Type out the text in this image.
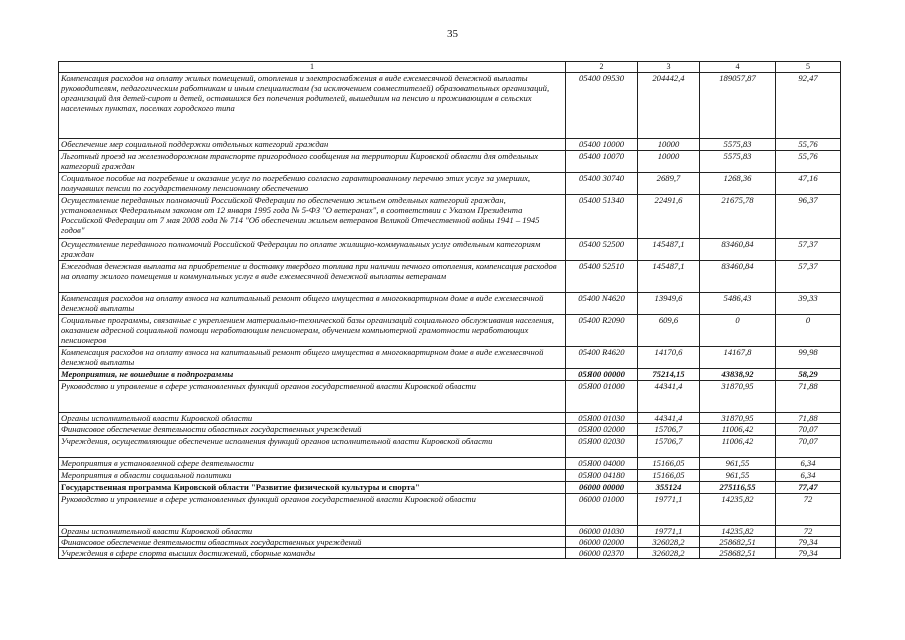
35
1	2	3	4	5
Компенсация расходов на оплату жилых помещений, отопления и электроснабжения в виде ежемесячной денежной выплаты руководителям, педагогическим работникам и иным специалистам (за исключением совместителей) образовательных организаций, организаций для детей-сирот и детей, оставшихся без попечения родителей, вышедшим на пенсию и проживающим в сельских населенных пунктах, поселках городского типа	05400 09530	204442,4	189057,87	92,47
Обеспечение мер социальной поддержки отдельных категорий граждан	05400 10000	10000	5575,83	55,76
Льготный проезд на железнодорожном транспорте пригородного сообщения на территории Кировской области для отдельных категорий граждан	05400 10070	10000	5575,83	55,76
Социальное пособие на погребение и оказание услуг по погребению согласно гарантированному перечню этих услуг за умерших, получавших пенсии по государственному пенсионному обеспечению	05400 30740	2689,7	1268,36	47,16
Осуществление переданных полномочий Российской Федерации по обеспечению жильем отдельных категорий граждан, установленных Федеральным законом от 12 января 1995 года № 5-ФЗ "О ветеранах", в соответствии с Указом Президента Российской Федерации от 7 мая 2008 года № 714 "Об обеспечении жильем ветеранов Великой Отечественной войны 1941 – 1945 годов"	05400 51340	22491,6	21675,78	96,37
Осуществление переданного полномочий Российской Федерации по оплате жилищно-коммунальных услуг отдельным категориям граждан	05400 52500	145487,1	83460,84	57,37
Ежегодная денежная выплата на приобретение и доставку твердого топлива при наличии печного отопления, компенсация расходов на оплату жилого помещения и коммунальных услуг в виде ежемесячной денежной выплаты ветеранам	05400 52510	145487,1	83460,84	57,37
Компенсация расходов на оплату взноса на капитальный ремонт общего имущества в многоквартирном доме в виде ежемесячной денежной выплаты	05400 N4620	13949,6	5486,43	39,33
Социальные программы, связанные с укреплением материально-технической базы организаций социального обслуживания населения, оказанием адресной социальной помощи неработающим пенсионерам, обучением компьютерной грамотности неработающих пенсионеров	05400 R2090	609,6	0	0
Компенсация расходов на оплату взноса на капитальный ремонт общего имущества в многоквартирном доме в виде ежемесячной денежной выплаты	05400 R4620	14170,6	14167,8	99,98
Мероприятия, не вошедшие в подпрограммы	05Я00 00000	75214,15	43838,92	58,29
Руководство и управление в сфере установленных функций органов государственной власти Кировской области	05Я00 01000	44341,4	31870,95	71,88
Органы исполнительной власти Кировской области	05Я00 01030	44341,4	31870,95	71,88
Финансовое обеспечение деятельности областных государственных учреждений	05Я00 02000	15706,7	11006,42	70,07
Учреждения, осуществляющие обеспечение исполнения функций органов исполнительной власти Кировской области	05Я00 02030	15706,7	11006,42	70,07
Мероприятия в установленной сфере деятельности	05Я00 04000	15166,05	961,55	6,34
Мероприятия в области социальной политики	05Я00 04180	15166,05	961,55	6,34
Государственная программа Кировской области "Развитие физической культуры и спорта"	06000 00000	355124	275116,55	77,47
Руководство и управление в сфере установленных функций органов государственной власти Кировской области	06000 01000	19771,1	14235,82	72
Органы исполнительной власти Кировской области	06000 01030	19771,1	14235,82	72
Финансовое обеспечение деятельности областных государственных учреждений	06000 02000	326028,2	258682,51	79,34
Учреждения в сфере спорта высших достижений, сборные команды	06000 02370	326028,2	258682,51	79,34
